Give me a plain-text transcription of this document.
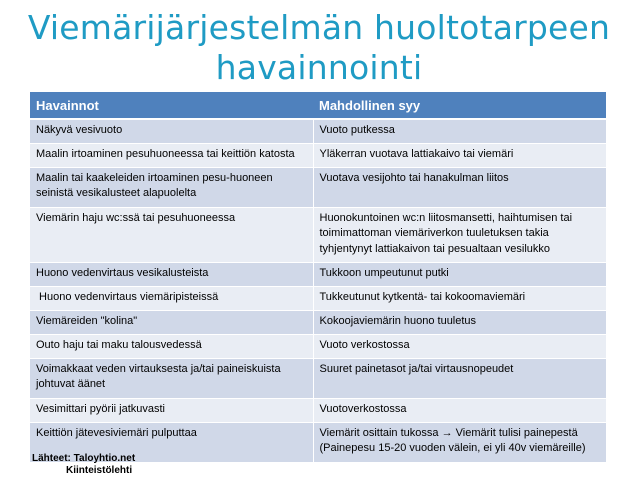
Viemärijärjestelmän huoltotarpeen
havainnointi
Havainnot	Mahdollinen syy
Näkyvä vesivuoto	Vuoto putkessa
Maalin irtoaminen pesuhuoneessa tai keittiön katosta	Yläkerran vuotava lattiakaivo tai viemäri
Maalin tai kaakeleiden irtoaminen pesu-huoneen seinistä vesikalusteet alapuolelta	Vuotava vesijohto tai hanakulman liitos
Viemärin haju wc:ssä tai pesuhuoneessa	Huonokuntoinen wc:n liitosmansetti, haihtumisen tai toimimattoman viemäriverkon tuuletuksen takia tyhjentynyt lattiakaivon tai pesualtaan vesilukko
Huono vedenvirtaus vesikalusteista	Tukkoon umpeutunut putki
Huono vedenvirtaus viemäripisteissä	Tukkeutunut kytkentä- tai kokoomaviemäri
Viemäreiden "kolina"	Kokoojaviemärin huono tuuletus
Outo haju tai maku talousvedessä	Vuoto verkostossa
Voimakkaat veden virtauksesta ja/tai paineiskuista johtuvat äänet	Suuret painetasot ja/tai virtausnopeudet
Vesimittari pyörii jatkuvasti	Vuotoverkostossa
Keittiön jätevesiviemäri pulputtaa	Viemärit osittain tukossa → Viemärit tulisi painepestä (Painepesu 15-20 vuoden välein, ei yli 40v viemäreille)
Lähteet: Taloyhtio.net
Kiinteistölehti
